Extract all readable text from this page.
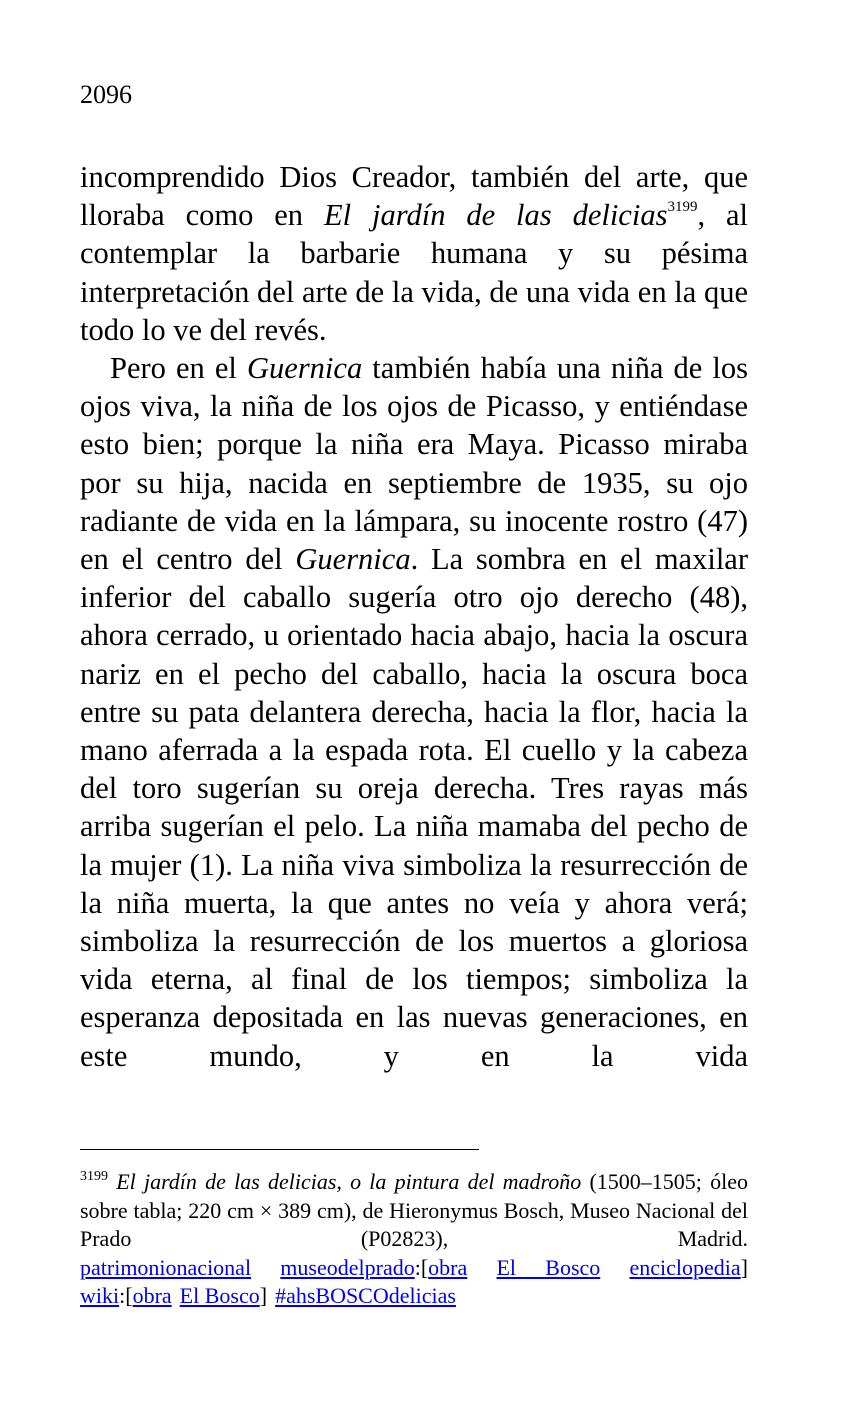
2096

incomprendido Dios Creador, también del arte, que lloraba como en El jardín de las delicias$^{3199}$, al contemplar la barbarie humana y su pésima interpretación del arte de la vida, de una vida en la que todo lo ve del revés.

Pero en el Guernica también había una niña de los ojos viva, la niña de los ojos de Picasso, y entiéndase esto bien; porque la niña era Maya. Picasso miraba por su hija, nacida en septiembre de 1935, su ojo radiante de vida en la lámpara, su inocente rostro (47) en el centro del Guernica. La sombra en el maxilar inferior del caballo sugería otro ojo derecho (48), ahora cerrado, u orientado hacia abajo, hacia la oscura nariz en el pecho del caballo, hacia la oscura boca entre su pata delantera derecha, hacia la flor, hacia la mano aferrada a la espada rota. El cuello y la cabeza del toro sugerían su oreja derecha. Tres rayas más arriba sugerían el pelo. La niña mamaba del pecho de la mujer (1). La niña viva simboliza la resurrección de la niña muerta, la que antes no veía y ahora verá; simboliza la resurrección de los muertos a gloriosa vida eterna, al final de los tiempos; simboliza la esperanza depositada en las nuevas generaciones, en este mundo, y en la vida

$^{3199}$ El jardín de las delicias, o la pintura del madroño (1500–1505; óleo sobre tabla; 220 cm × 389 cm), de Hieronymus Bosch, Museo Nacional del Prado (P02823), Madrid.

patrimonionacional museodelprado:[obra El Bosco enciclopedia]

wiki:[obra El Bosco] #ahsBOSCOdelicias
